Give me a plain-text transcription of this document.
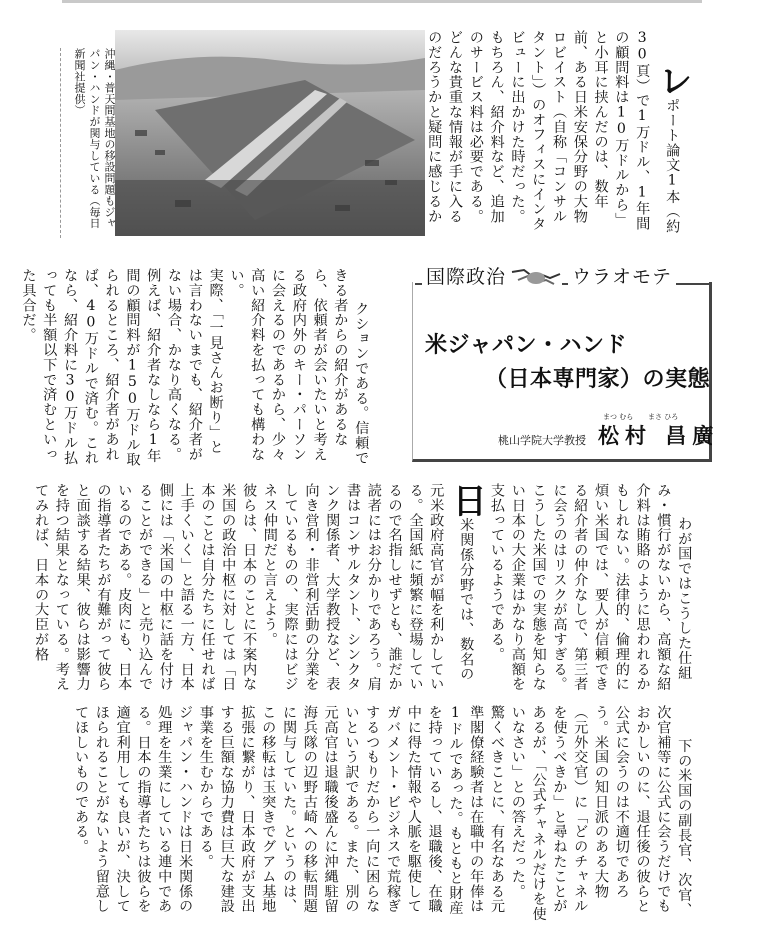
レポート論文1本（約30頁）で1万ドル、1年間の顧問料は10万ドルから」と小耳に挟んだのは、数年前、ある日米安保分野の大物ロビイスト（自称「コンサルタント」）のオフィスにインタビューに出かけた時だった。もちろん、紹介料など、追加のサービス料は必要である。どんな貴重な情報が手に入るのだろうかと疑問に感じるか

沖縄・普天間基地の移設問題もジャパン・ハンドが関与している（毎日新聞社提供）

クションである。信頼できる者からの紹介があるなら、依頼者が会いたいと考える政府内外のキー・パーソンに会えるのであるから、少々高い紹介料を払っても構わない。
実際、「一見さんお断り」とは言わないまでも、紹介者がない場合、かなり高くなる。例えば、紹介者なしなら1年間の顧問料が150万ドル取られるところ、紹介者があれば、40万ドルで済む。これなら、紹介料に30万ドル払っても半額以下で済むといった具合だ。	国際政治	ウラオモテ
米ジャパン・ハンド
（日本専門家）の実態
桃山学院大学教授
まつ むら まさ ひろ
松村 昌廣

わが国ではこうした仕組み・慣行がないから、高額な紹介料は賄賂のように思われるかもしれない。法律的、倫理的に煩い米国では、要人が信頼できる紹介者の仲介なしで、第三者に会うのはリスクが高すぎる。こうした米国での実態を知らない日本の大企業はかなり高額を支払っているようである。
日米関係分野では、数名の元米政府高官が幅を利かしている。全国紙に頻繁に登場しているので名指しせずとも、誰だか読者にはお分かりであろう。肩書はコンサルタント、シンクタンク関係者、大学教授など、表向き営利・非営利活動の分業をしているものの、実際にはビジネス仲間だと言えよう。
彼らは、日本のことに不案内な米国の政治中枢に対しては「日本のことは自分たちに任せれば上手くいく」と語る一方、日本側には「米国の中枢に話を付けることができる」と売り込んでいるのである。皮肉にも、日本の指導者たちが有難がって彼らと面談する結果、彼らは影響力を持つ結果となっている。考えてみれば、日本の大臣が格

下の米国の副長官、次官、次官補等に公式に会うだけでもおかしいのに、退任後の彼らと公式に会うのは不適切であろう。米国の知日派のある大物（元外交官）に「どのチャネルを使うべきか」と尋ねたことがあるが、「公式チャネルだけを使いなさい」との答えだった。
驚くべきことに、有名なある元準閣僚経験者は在職中の年俸は1ドルであった。もともと財産を持っているし、退職後、在職中に得た情報や人脈を駆使してガバメント・ビジネスで荒稼ぎするつもりだから一向に困らないという訳である。また、別の元高官は退職後盛んに沖縄駐留海兵隊の辺野古崎への移転問題に関与していた。というのは、この移転は玉突きでグアム基地拡張に繋がり、日本政府が支出する巨額な協力費は巨大な建設事業を生むからである。
ジャパン・ハンドは日米関係の処理を生業にしている連中である。日本の指導者たちは彼らを適宜利用しても良いが、決してほられることがないよう留意してほしいものである。
